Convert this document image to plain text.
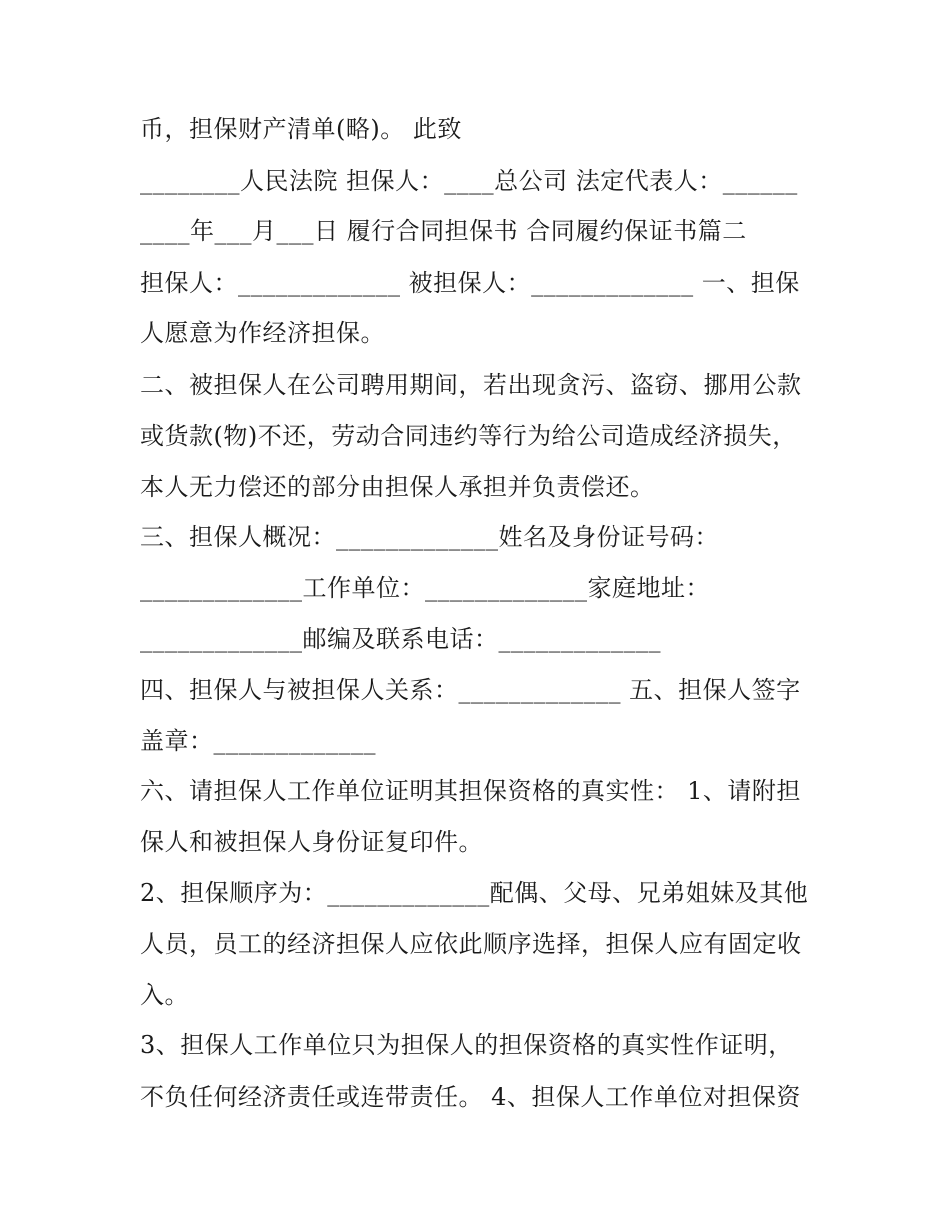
币，担保财产清单(略)。 此致
________人民法院 担保人：____总公司 法定代表人：______
____年___月___日 履行合同担保书 合同履约保证书篇二
担保人：_____________ 被担保人：_____________ 一、担保
人愿意为作经济担保。
二、被担保人在公司聘用期间，若出现贪污、盗窃、挪用公款
或货款(物)不还，劳动合同违约等行为给公司造成经济损失，
本人无力偿还的部分由担保人承担并负责偿还。
三、担保人概况：_____________姓名及身份证号码：
_____________工作单位：_____________家庭地址：
_____________邮编及联系电话：_____________
四、担保人与被担保人关系：_____________ 五、担保人签字
盖章：_____________
六、请担保人工作单位证明其担保资格的真实性： 1、请附担
保人和被担保人身份证复印件。
2、担保顺序为：_____________配偶、父母、兄弟姐妹及其他
人员，员工的经济担保人应依此顺序选择，担保人应有固定收
入。
3、担保人工作单位只为担保人的担保资格的真实性作证明，
不负任何经济责任或连带责任。 4、担保人工作单位对担保资
